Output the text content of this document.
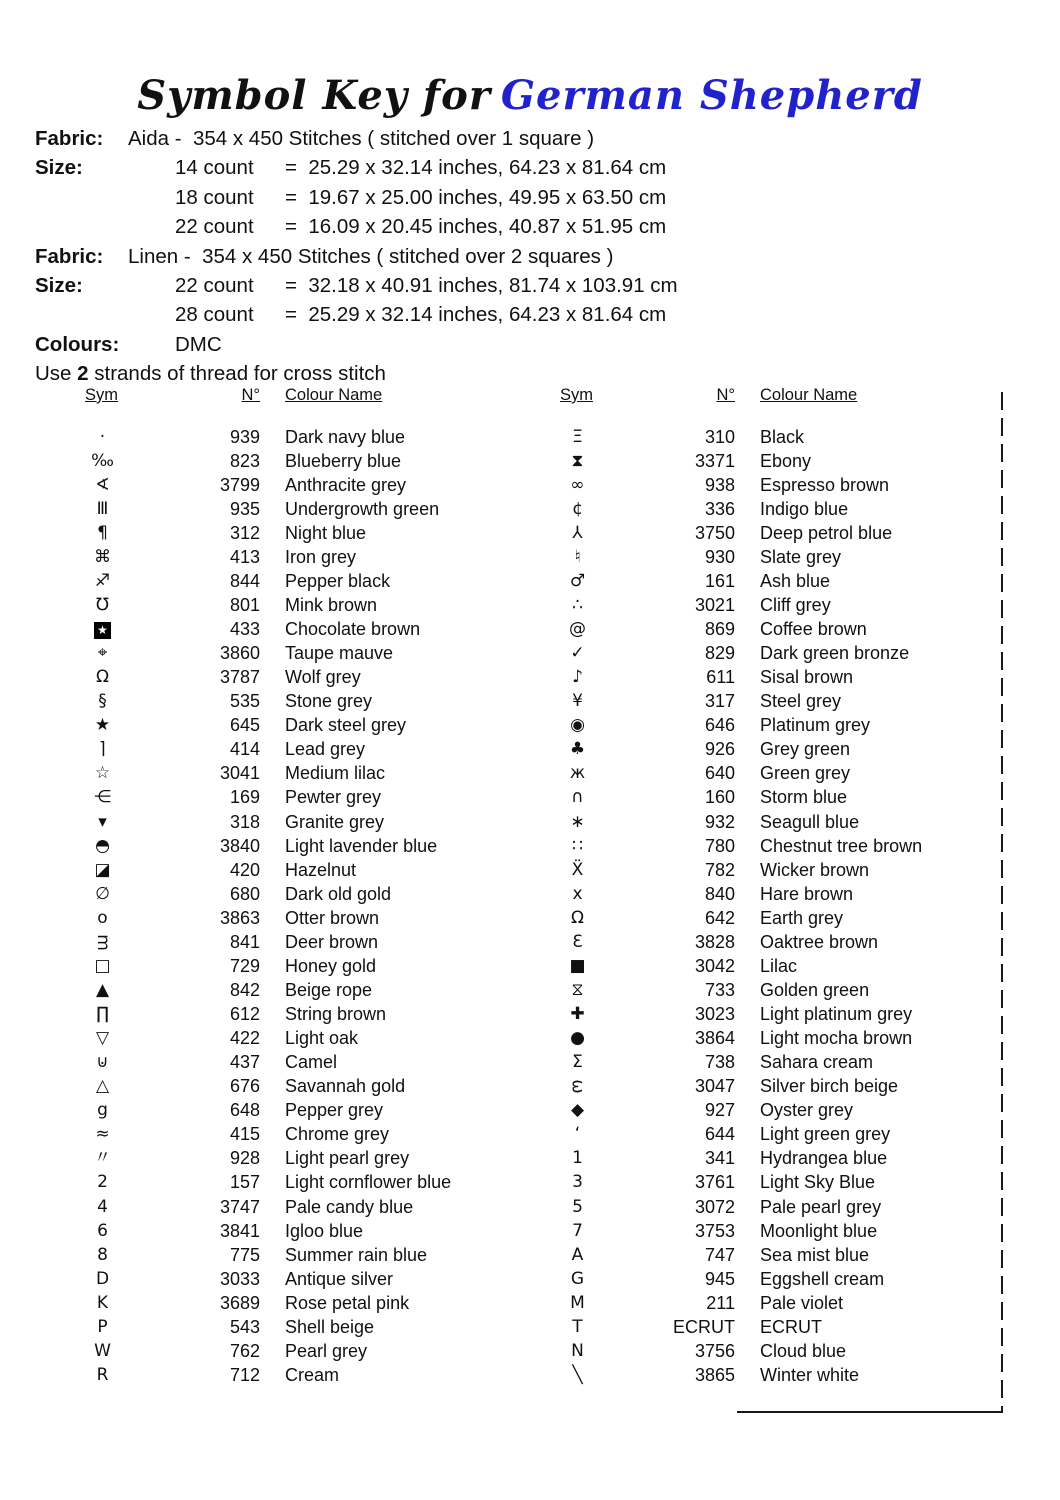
Symbol Key for German Shepherd
Fabric:	Aida -  354 x 450 Stitches ( stitched over 1 square )
Size:	14 count	=  25.29 x 32.14 inches, 64.23 x 81.64 cm
18 count	=  19.67 x 25.00 inches, 49.95 x 63.50 cm
22 count	=  16.09 x 20.45 inches, 40.87 x 51.95 cm
Fabric:	Linen -  354 x 450 Stitches ( stitched over 2 squares )
Size:	22 count	=  32.18 x 40.91 inches, 81.74 x 103.91 cm
28 count	=  25.29 x 32.14 inches, 64.23 x 81.64 cm
Colours:	DMC
Use 2 strands of thread for cross stitch
Sym	N°	Colour Name
·	939	Dark navy blue
‰	823	Blueberry blue
∢	3799	Anthracite grey
Ⅲ	935	Undergrowth green
¶	312	Night blue
⌘	413	Iron grey
♐	844	Pepper black
℧	801	Mink brown
★	433	Chocolate brown
⌖	3860	Taupe mauve
Ω	3787	Wolf grey
§	535	Stone grey
★	645	Dark steel grey
⌉	414	Lead grey
☆	3041	Medium lilac
⋲	169	Pewter grey
▾	318	Granite grey
◓	3840	Light lavender blue
◪	420	Hazelnut
∅	680	Dark old gold
o	3863	Otter brown
m	841	Deer brown
□	729	Honey gold
▲	842	Beige rope
∏	612	String brown
▽	422	Light oak
⊍	437	Camel
△	676	Savannah gold
g	648	Pepper grey
≈	415	Chrome grey
〃	928	Light pearl grey
2	157	Light cornflower blue
4	3747	Pale candy blue
6	3841	Igloo blue
8	775	Summer rain blue
D	3033	Antique silver
K	3689	Rose petal pink
P	543	Shell beige
W	762	Pearl grey
R	712	Cream
Sym	N°	Colour Name
Ξ	310	Black
⧗	3371	Ebony
∞	938	Espresso brown
¢	336	Indigo blue
⅄	3750	Deep petrol blue
♮	930	Slate grey
♂	161	Ash blue
∴	3021	Cliff grey
@	869	Coffee brown
✓	829	Dark green bronze
♪	611	Sisal brown
¥	317	Steel grey
◉	646	Platinum grey
♣	926	Grey green
ж	640	Green grey
∩	160	Storm blue
∗	932	Seagull blue
∷	780	Chestnut tree brown
Ẍ	782	Wicker brown
x	840	Hare brown
Ω	642	Earth grey
Ɛ	3828	Oaktree brown
■	3042	Lilac
⧖	733	Golden green
✚	3023	Light platinum grey
●	3864	Light mocha brown
Σ	738	Sahara cream
ω	3047	Silver birch beige
◆	927	Oyster grey
‘	644	Light green grey
1	341	Hydrangea blue
3	3761	Light Sky Blue
5	3072	Pale pearl grey
7	3753	Moonlight blue
A	747	Sea mist blue
G	945	Eggshell cream
M	211	Pale violet
T	ECRUT	ECRUT
N	3756	Cloud blue
╲	3865	Winter white
